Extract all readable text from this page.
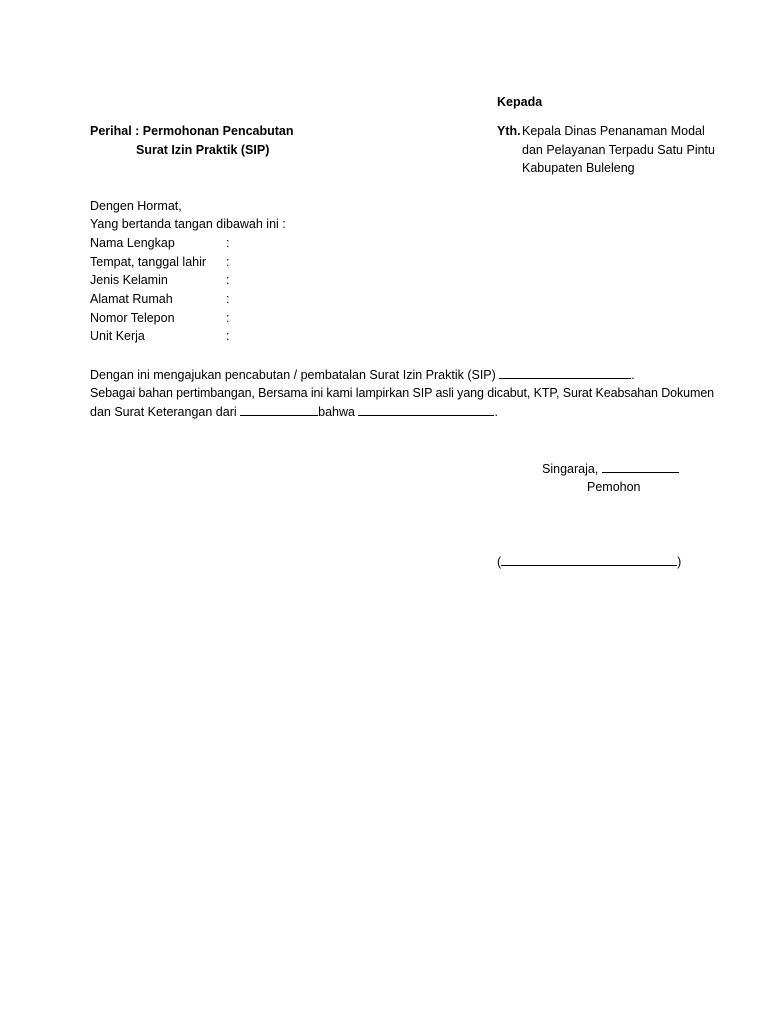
Kepada
Yth. Kepala Dinas Penanaman Modal
dan Pelayanan Terpadu Satu Pintu
Kabupaten Buleleng
Perihal : Permohonan Pencabutan
Surat Izin Praktik (SIP)
Dengen Hormat,
Yang bertanda tangan dibawah ini :
Nama Lengkap	:
Tempat, tanggal lahir :
Jenis Kelamin	:
Alamat Rumah	:
Nomor Telepon	:
Unit Kerja	:
Dengan ini mengajukan pencabutan / pembatalan Surat Izin Praktik (SIP)	.
Sebagai bahan pertimbangan, Bersama ini kami lampirkan SIP asli yang dicabut, KTP, Surat Keabsahan Dokumen
dan Surat Keterangan dari	bahwa	.
Singaraja,
Pemohon
(	)
